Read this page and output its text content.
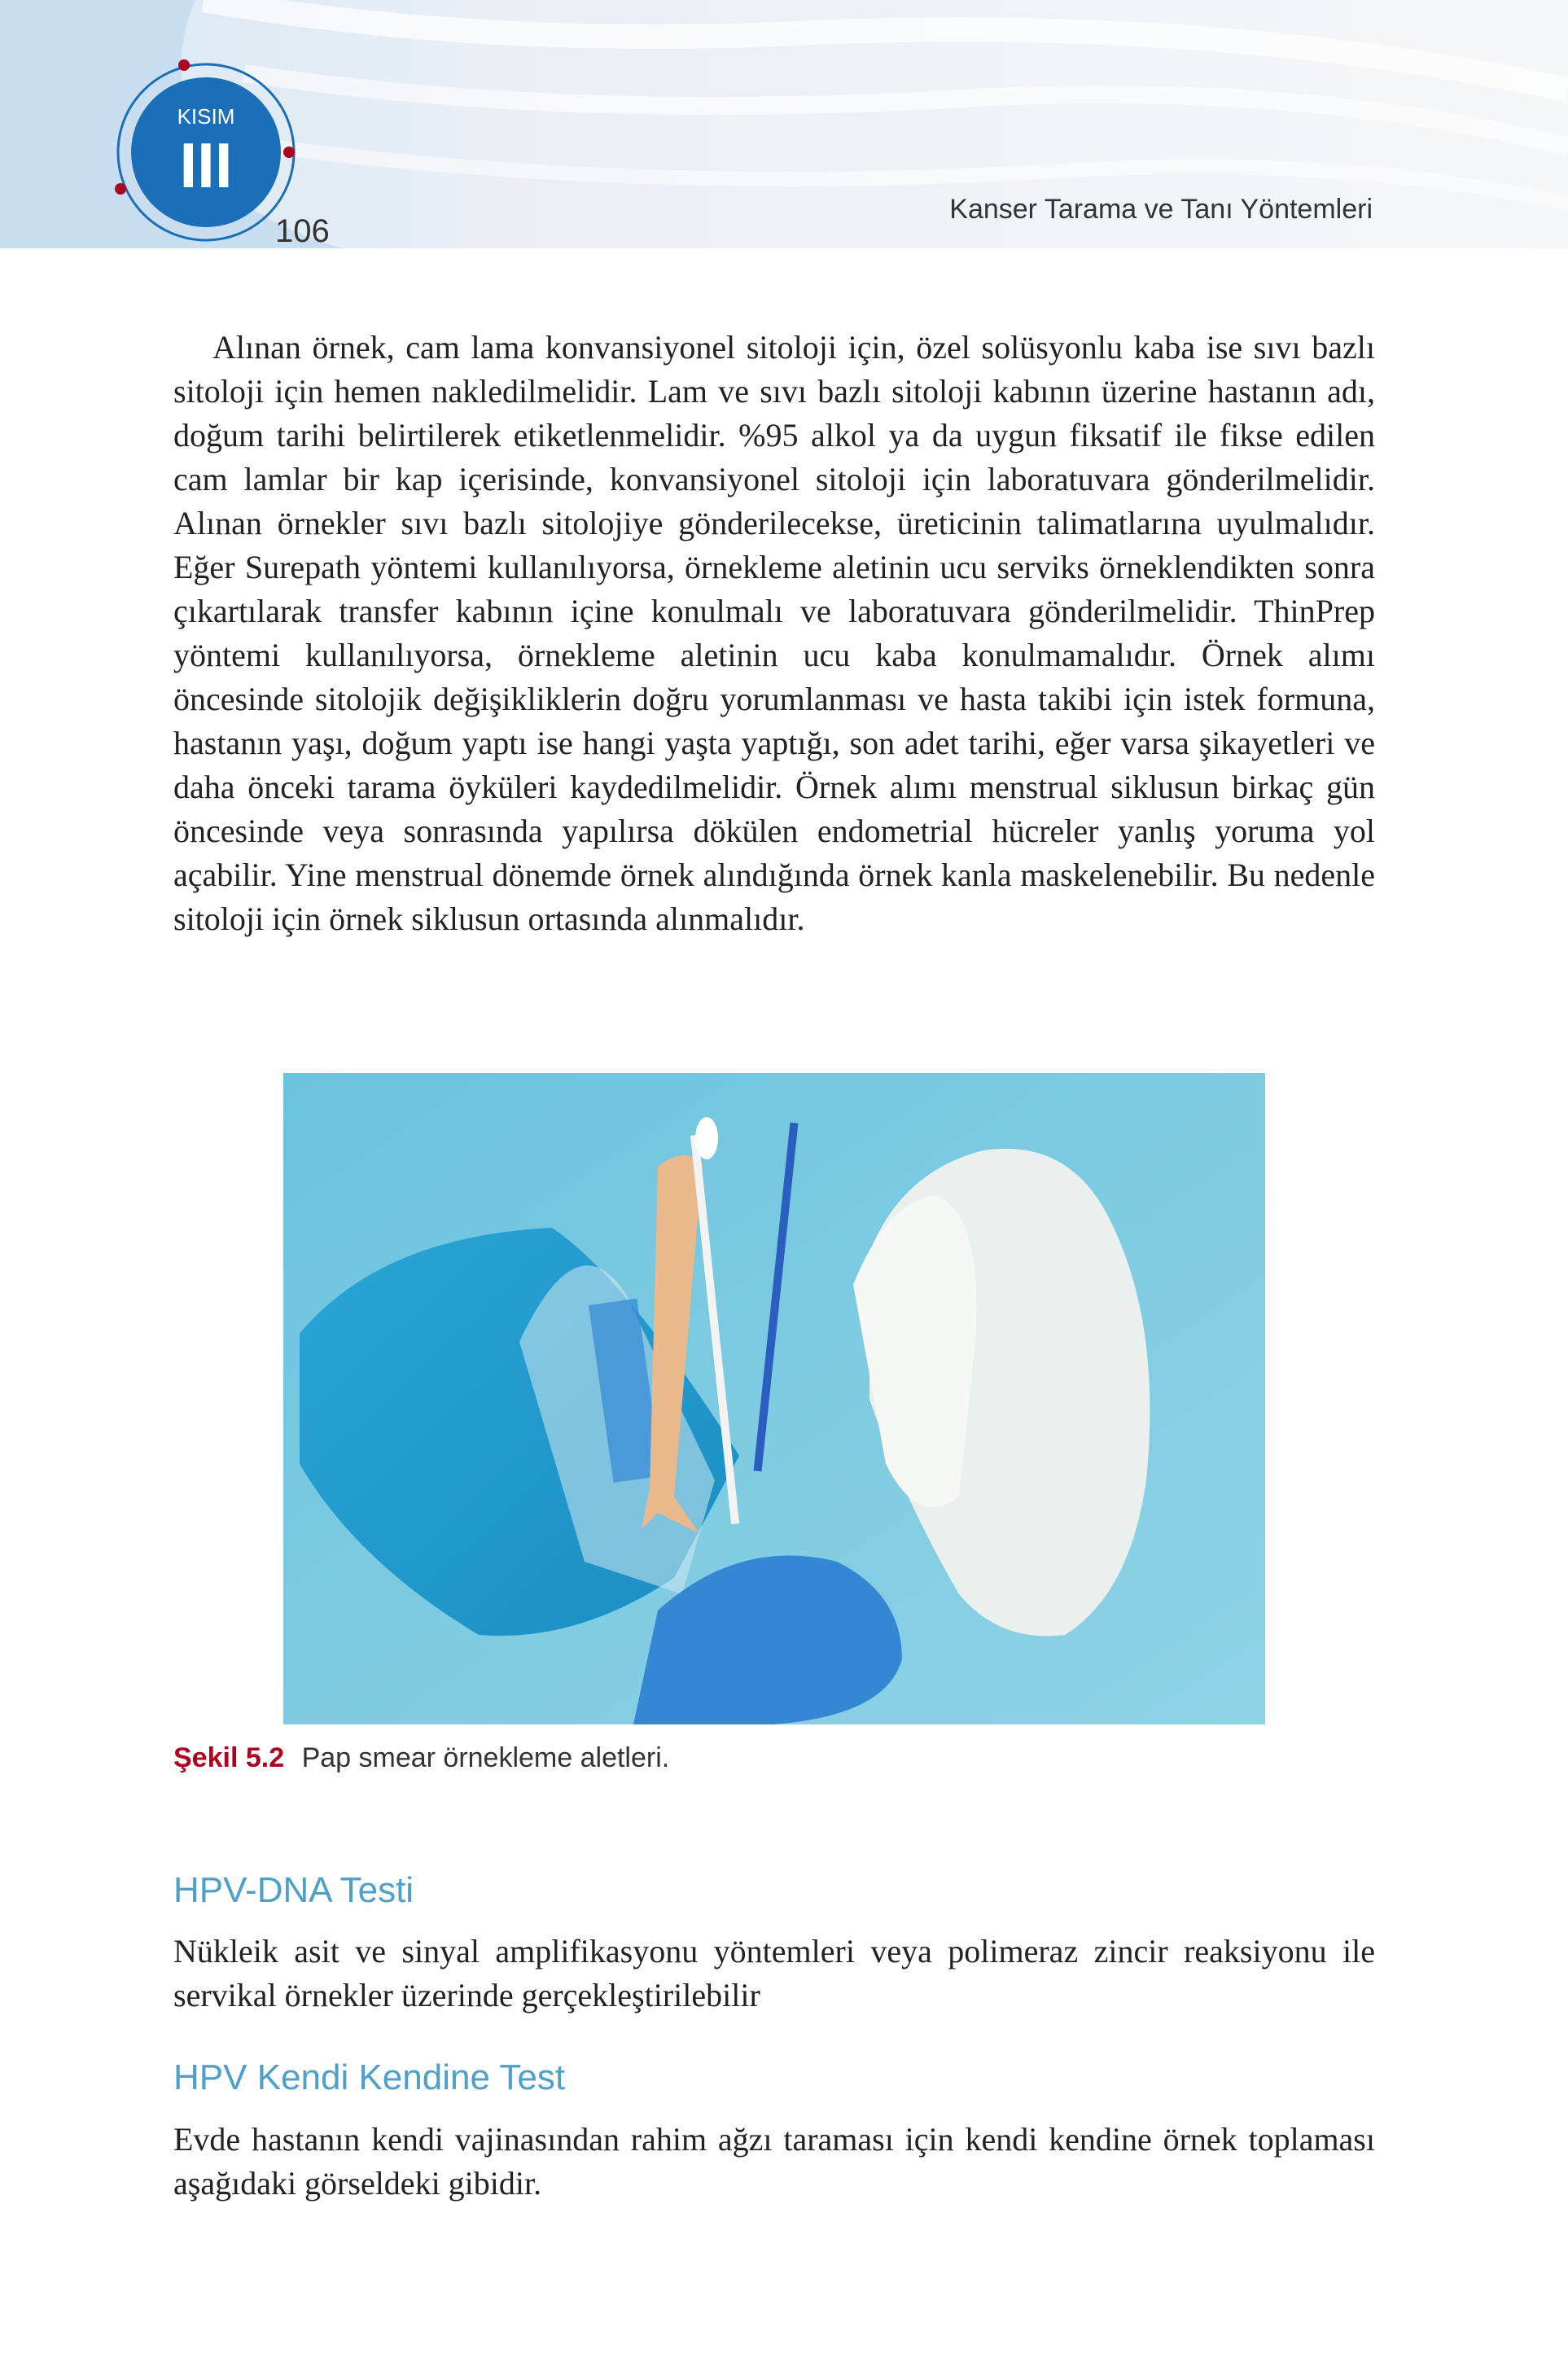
KISIM
III
106
Kanser Tarama ve Tanı Yöntemleri
Alınan örnek, cam lama konvansiyonel sitoloji için, özel solüsyonlu kaba ise sıvı bazlı sitoloji için hemen nakledilmelidir. Lam ve sıvı bazlı sitoloji kabının üzerine hastanın adı, doğum tarihi belirtilerek etiketlenmelidir. %95 alkol ya da uygun fiksatif ile fikse edilen cam lamlar bir kap içerisinde, konvansiyonel sitoloji için laboratuvara gönderilmelidir. Alınan örnekler sıvı bazlı sitolojiye gönderilecekse, üreticinin talimatlarına uyulmalıdır. Eğer Surepath yöntemi kullanılıyorsa, örnekleme aletinin ucu serviks örneklendikten sonra çıkartılarak transfer kabının içine konulmalı ve laboratuvara gönderilmelidir. ThinPrep yöntemi kullanılıyorsa, örnekleme aletinin ucu kaba konulmamalıdır. Örnek alımı öncesinde sitolojik değişikliklerin doğru yorumlanması ve hasta takibi için istek formuna, hastanın yaşı, doğum yaptı ise hangi yaşta yaptığı, son adet tarihi, eğer varsa şikayetleri ve daha önceki tarama öyküleri kaydedilmelidir. Örnek alımı menstrual siklusun birkaç gün öncesinde veya sonrasında yapılırsa dökülen endometrial hücreler yanlış yoruma yol açabilir. Yine menstrual dönemde örnek alındığında örnek kanla maskelenebilir. Bu nedenle sitoloji için örnek siklusun ortasında alınmalıdır.
Şekil 5.2 Pap smear örnekleme aletleri.
HPV-DNA Testi
Nükleik asit ve sinyal amplifikasyonu yöntemleri veya polimeraz zincir reaksiyonu ile servikal örnekler üzerinde gerçekleştirilebilir
HPV Kendi Kendine Test
Evde hastanın kendi vajinasından rahim ağzı taraması için kendi kendine örnek toplaması aşağıdaki görseldeki gibidir.
